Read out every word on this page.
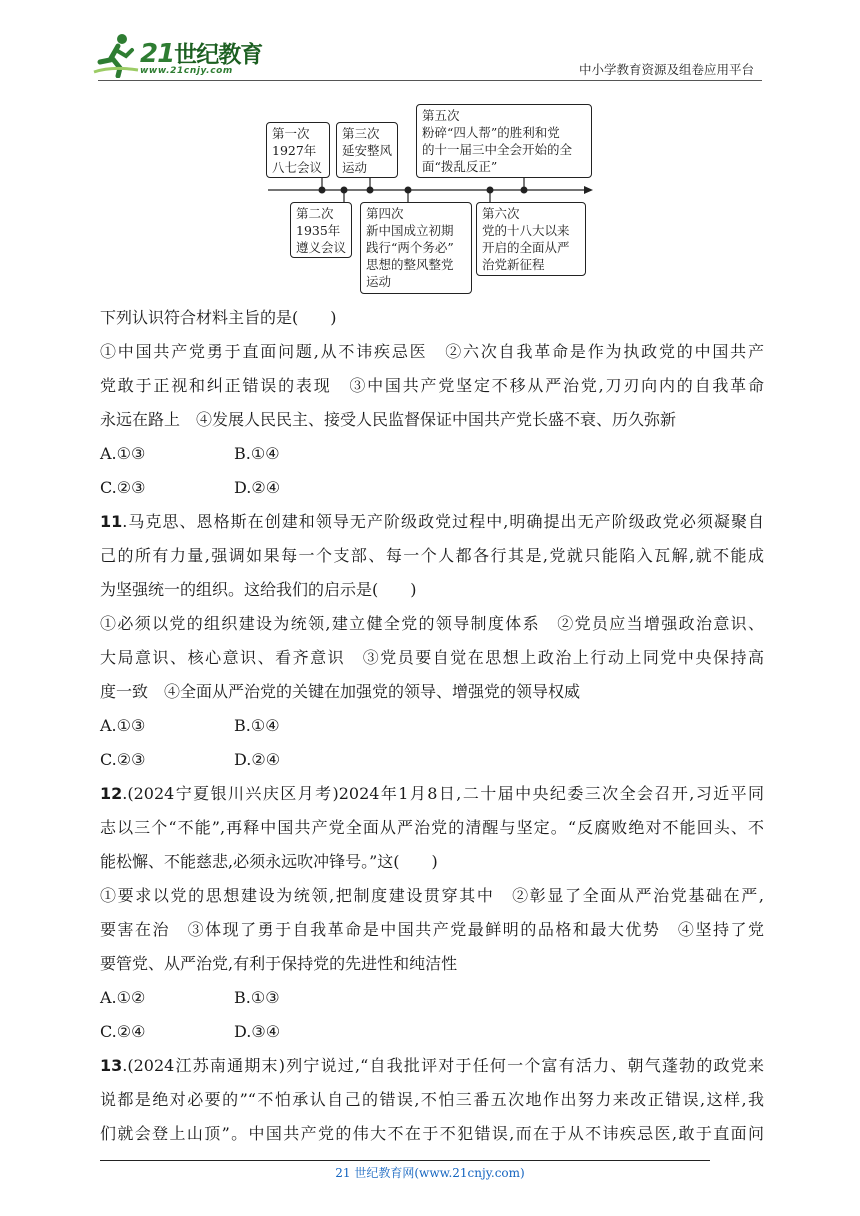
21世纪教育
www.21cnjy.com	中小学教育资源及组卷应用平台
第一次
1927年
八七会议
第三次
延安整风
运动
第五次
粉碎“四人帮”的胜利和党
的十一届三中全会开始的全
面“拨乱反正”
第二次
1935年
遵义会议
第四次
新中国成立初期
践行“两个务必”
思想的整风整党
运动
第六次
党的十八大以来
开启的全面从严
治党新征程
下列认识符合材料主旨的是(　　)
①中国共产党勇于直面问题,从不讳疾忌医　②六次自我革命是作为执政党的中国共产
党敢于正视和纠正错误的表现　③中国共产党坚定不移从严治党,刀刃向内的自我革命
永远在路上　④发展人民民主、接受人民监督保证中国共产党长盛不衰、历久弥新
A.①③	B.①④
C.②③	D.②④
11.马克思、恩格斯在创建和领导无产阶级政党过程中,明确提出无产阶级政党必须凝聚自
己的所有力量,强调如果每一个支部、每一个人都各行其是,党就只能陷入瓦解,就不能成
为坚强统一的组织。这给我们的启示是(　　)
①必须以党的组织建设为统领,建立健全党的领导制度体系　②党员应当增强政治意识、
大局意识、核心意识、看齐意识　③党员要自觉在思想上政治上行动上同党中央保持高
度一致　④全面从严治党的关键在加强党的领导、增强党的领导权威
A.①③	B.①④
C.②③	D.②④
12.(2024宁夏银川兴庆区月考)2024年1月8日,二十届中央纪委三次全会召开,习近平同
志以三个“不能”,再释中国共产党全面从严治党的清醒与坚定。“反腐败绝对不能回头、不
能松懈、不能慈悲,必须永远吹冲锋号。”这(　　)
①要求以党的思想建设为统领,把制度建设贯穿其中　②彰显了全面从严治党基础在严,
要害在治　③体现了勇于自我革命是中国共产党最鲜明的品格和最大优势　④坚持了党
要管党、从严治党,有利于保持党的先进性和纯洁性
A.①②	B.①③
C.②④	D.③④
13.(2024江苏南通期末)列宁说过,“自我批评对于任何一个富有活力、朝气蓬勃的政党来
说都是绝对必要的”“不怕承认自己的错误,不怕三番五次地作出努力来改正错误,这样,我
们就会登上山顶”。中国共产党的伟大不在于不犯错误,而在于从不讳疾忌医,敢于直面问
21 世纪教育网(www.21cnjy.com)
